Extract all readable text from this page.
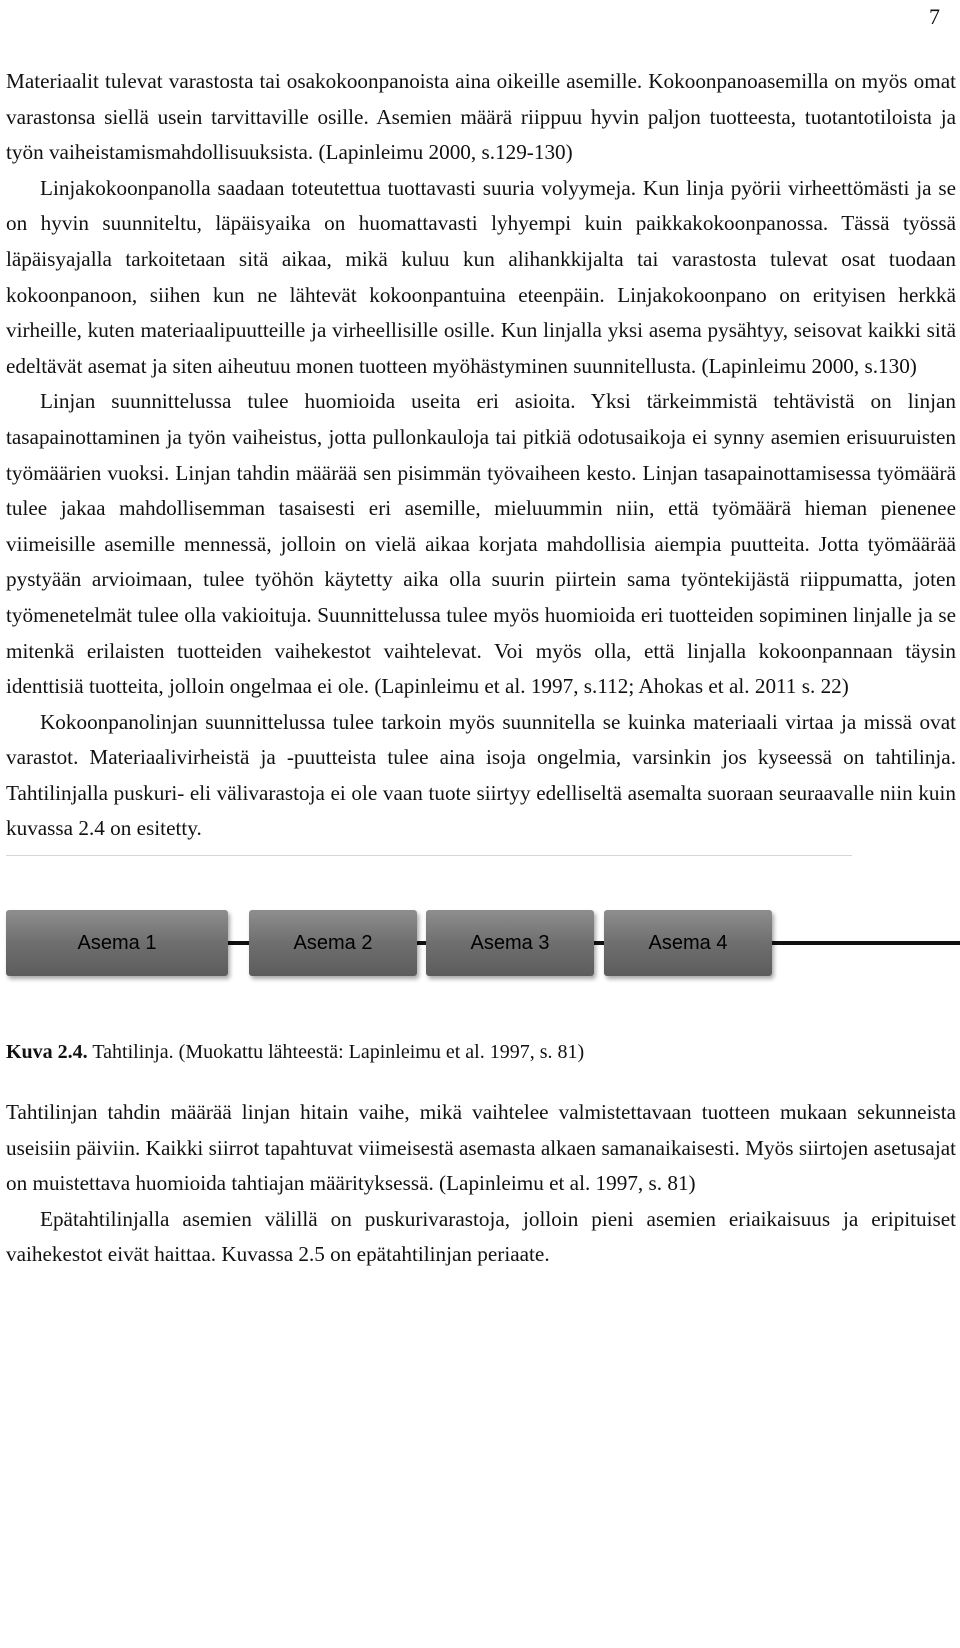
7

Materiaalit tulevat varastosta tai osakokoonpanoista aina oikeille asemille. Kokoonpanoasemilla on myös omat varastonsa siellä usein tarvittaville osille. Asemien määrä riippuu hyvin paljon tuotteesta, tuotantotiloista ja työn vaiheistamismahdollisuuksista. (Lapinleimu 2000, s.129-130)

Linjakokoonpanolla saadaan toteutettua tuottavasti suuria volyymeja. Kun linja pyörii virheettömästi ja se on hyvin suunniteltu, läpäisyaika on huomattavasti lyhyempi kuin paikkakokoonpanossa. Tässä työssä läpäisyajalla tarkoitetaan sitä aikaa, mikä kuluu kun alihankkijalta tai varastosta tulevat osat tuodaan kokoonpanoon, siihen kun ne lähtevät kokoonpantuina eteenpäin. Linjakokoonpano on erityisen herkkä virheille, kuten materiaalipuutteille ja virheellisille osille. Kun linjalla yksi asema pysähtyy, seisovat kaikki sitä edeltävät asemat ja siten aiheutuu monen tuotteen myöhästyminen suunnitellusta. (Lapinleimu 2000, s.130)

Linjan suunnittelussa tulee huomioida useita eri asioita. Yksi tärkeimmistä tehtävistä on linjan tasapainottaminen ja työn vaiheistus, jotta pullonkauloja tai pitkiä odotusaikoja ei synny asemien erisuuruisten työmäärien vuoksi. Linjan tahdin määrää sen pisimmän työvaiheen kesto. Linjan tasapainottamisessa työmäärä tulee jakaa mahdollisemman tasaisesti eri asemille, mieluummin niin, että työmäärä hieman pienenee viimeisille asemille mennessä, jolloin on vielä aikaa korjata mahdollisia aiempia puutteita. Jotta työmäärää pystyään arvioimaan, tulee työhön käytetty aika olla suurin piirtein sama työntekijästä riippumatta, joten työmenetelmät tulee olla vakioituja. Suunnittelussa tulee myös huomioida eri tuotteiden sopiminen linjalle ja se mitenkä erilaisten tuotteiden vaihekestot vaihtelevat. Voi myös olla, että linjalla kokoonpannaan täysin identtisiä tuotteita, jolloin ongelmaa ei ole. (Lapinleimu et al. 1997, s.112; Ahokas et al. 2011 s. 22)

Kokoonpanolinjan suunnittelussa tulee tarkoin myös suunnitella se kuinka materiaali virtaa ja missä ovat varastot. Materiaalivirheistä ja -puutteista tulee aina isoja ongelmia, varsinkin jos kyseessä on tahtilinja. Tahtilinjalla puskuri- eli välivarastoja ei ole vaan tuote siirtyy edelliseltä asemalta suoraan seuraavalle niin kuin kuvassa 2.4 on esitetty.

Asema 1	Asema 2	Asema 3	Asema 4
Kuva 2.4. Tahtilinja. (Muokattu lähteestä: Lapinleimu et al. 1997, s. 81)

Tahtilinjan tahdin määrää linjan hitain vaihe, mikä vaihtelee valmistettavaan tuotteen mukaan sekunneista useisiin päiviin. Kaikki siirrot tapahtuvat viimeisestä asemasta alkaen samanaikaisesti. Myös siirtojen asetusajat on muistettava huomioida tahtiajan määrityksessä. (Lapinleimu et al. 1997, s. 81)

Epätahtilinjalla asemien välillä on puskurivarastoja, jolloin pieni asemien eriaikaisuus ja eripituiset vaihekestot eivät haittaa. Kuvassa 2.5 on epätahtilinjan periaate.
